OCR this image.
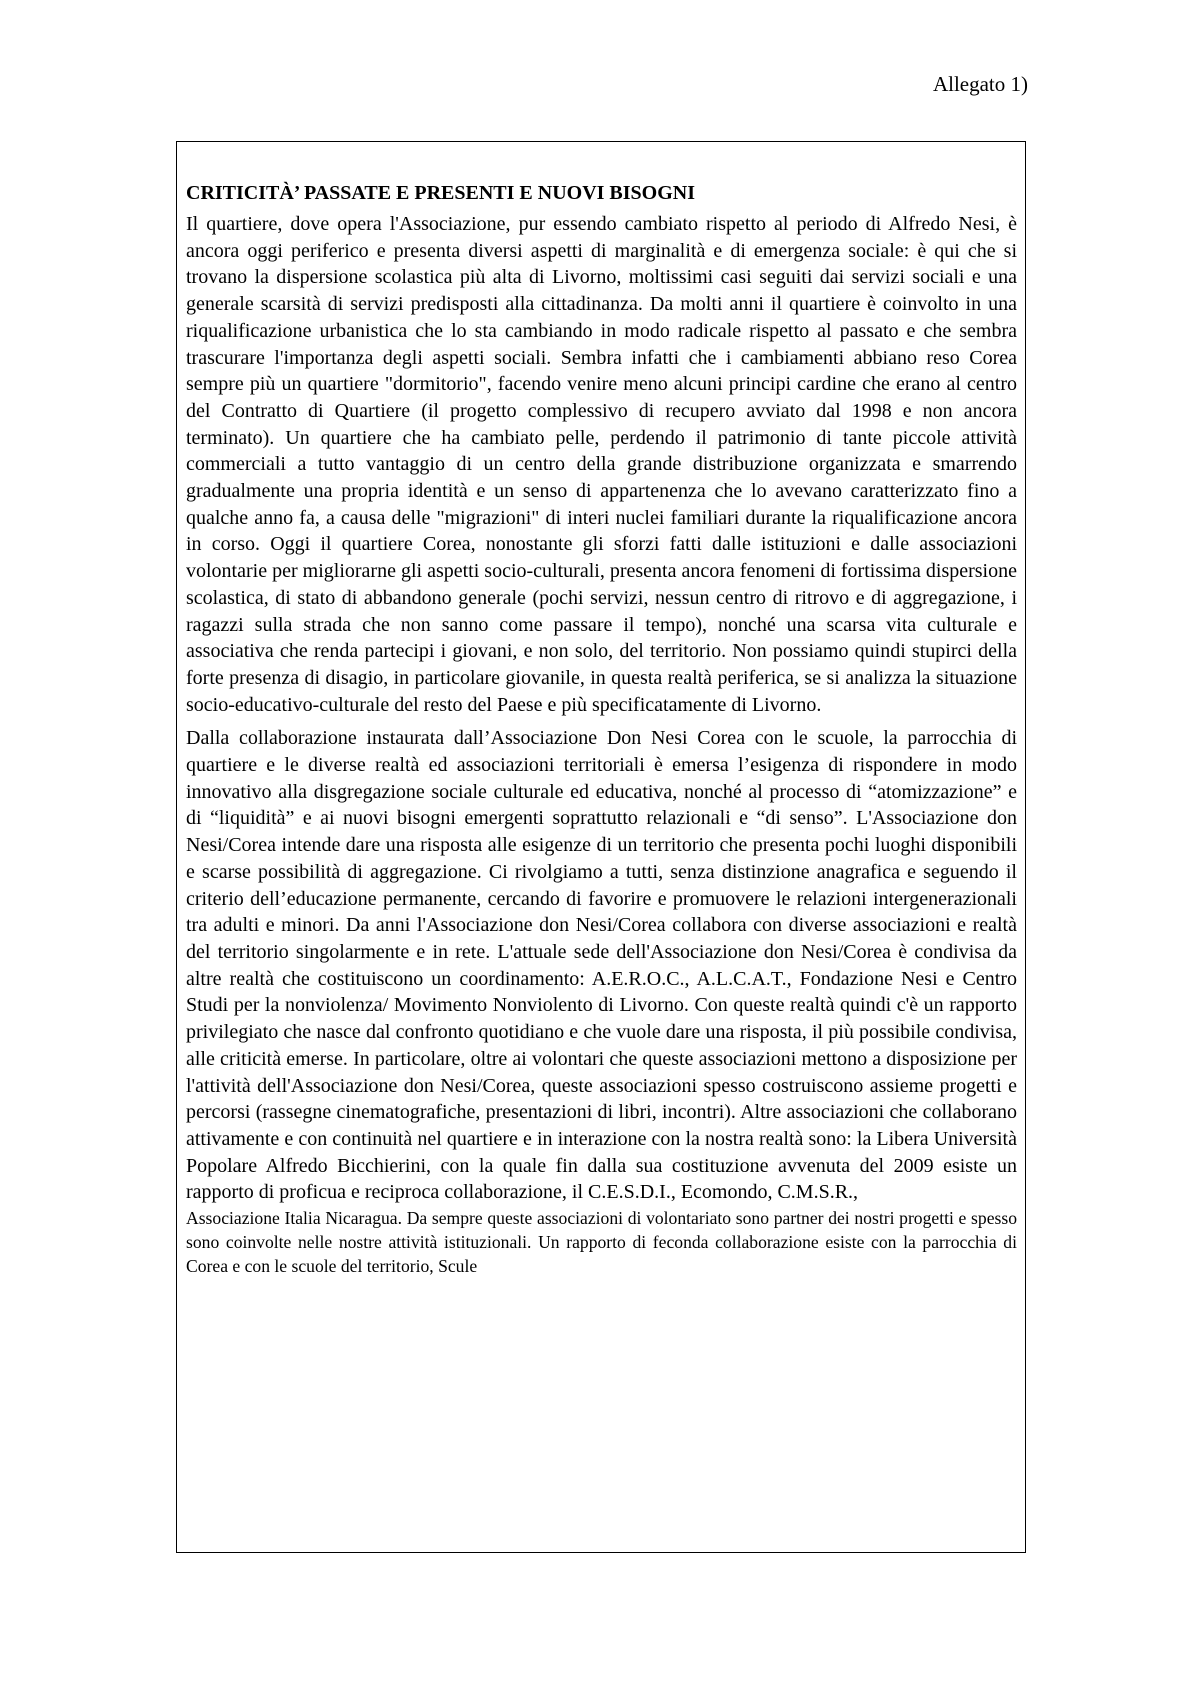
Allegato 1)
CRITICITÀ’ PASSATE E PRESENTI E NUOVI BISOGNI

Il quartiere, dove opera l'Associazione, pur essendo cambiato rispetto al periodo di Alfredo Nesi, è ancora oggi periferico e presenta diversi aspetti di marginalità e di emergenza sociale: è qui che si trovano la dispersione scolastica più alta di Livorno, moltissimi casi seguiti dai servizi sociali e una generale scarsità di servizi predisposti alla cittadinanza. Da molti anni il quartiere è coinvolto in una riqualificazione urbanistica che lo sta cambiando in modo radicale rispetto al passato e che sembra trascurare l'importanza degli aspetti sociali. Sembra infatti che i cambiamenti abbiano reso Corea sempre più un quartiere "dormitorio", facendo venire meno alcuni principi cardine che erano al centro del Contratto di Quartiere (il progetto complessivo di recupero avviato dal 1998 e non ancora terminato). Un quartiere che ha cambiato pelle, perdendo il patrimonio di tante piccole attività commerciali a tutto vantaggio di un centro della grande distribuzione organizzata e smarrendo gradualmente una propria identità e un senso di appartenenza che lo avevano caratterizzato fino a qualche anno fa, a causa delle "migrazioni" di interi nuclei familiari durante la riqualificazione ancora in corso. Oggi il quartiere Corea, nonostante gli sforzi fatti dalle istituzioni e dalle associazioni volontarie per migliorarne gli aspetti socio-culturali, presenta ancora fenomeni di fortissima dispersione scolastica, di stato di abbandono generale (pochi servizi, nessun centro di ritrovo e di aggregazione, i ragazzi sulla strada che non sanno come passare il tempo), nonché una scarsa vita culturale e associativa che renda partecipi i giovani, e non solo, del territorio. Non possiamo quindi stupirci della forte presenza di disagio, in particolare giovanile, in questa realtà periferica, se si analizza la situazione socio-educativo-culturale del resto del Paese e più specificatamente di Livorno.

Dalla collaborazione instaurata dall’Associazione Don Nesi Corea con le scuole, la parrocchia di quartiere e le diverse realtà ed associazioni territoriali è emersa l’esigenza di rispondere in modo innovativo alla disgregazione sociale culturale ed educativa, nonché al processo di “atomizzazione” e di “liquidità” e ai nuovi bisogni emergenti soprattutto relazionali e “di senso”. L'Associazione don Nesi/Corea intende dare una risposta alle esigenze di un territorio che presenta pochi luoghi disponibili e scarse possibilità di aggregazione. Ci rivolgiamo a tutti, senza distinzione anagrafica e seguendo il criterio dell’educazione permanente, cercando di favorire e promuovere le relazioni intergenerazionali tra adulti e minori. Da anni l'Associazione don Nesi/Corea collabora con diverse associazioni e realtà del territorio singolarmente e in rete. L'attuale sede dell'Associazione don Nesi/Corea è condivisa da altre realtà che costituiscono un coordinamento: A.E.R.O.C., A.L.C.A.T., Fondazione Nesi e Centro Studi per la nonviolenza/ Movimento Nonviolento di Livorno. Con queste realtà quindi c'è un rapporto privilegiato che nasce dal confronto quotidiano e che vuole dare una risposta, il più possibile condivisa, alle criticità emerse. In particolare, oltre ai volontari che queste associazioni mettono a disposizione per l'attività dell'Associazione don Nesi/Corea, queste associazioni spesso costruiscono assieme progetti e percorsi (rassegne cinematografiche, presentazioni di libri, incontri). Altre associazioni che collaborano attivamente e con continuità nel quartiere e in interazione con la nostra realtà sono: la Libera Università Popolare Alfredo Bicchierini, con la quale fin dalla sua costituzione avvenuta del 2009 esiste un rapporto di proficua e reciproca collaborazione, il C.E.S.D.I., Ecomondo, C.M.S.R.,

Associazione Italia Nicaragua. Da sempre queste associazioni di volontariato sono partner dei nostri progetti e spesso sono coinvolte nelle nostre attività istituzionali. Un rapporto di feconda collaborazione esiste con la parrocchia di Corea e con le scuole del territorio, Scule
